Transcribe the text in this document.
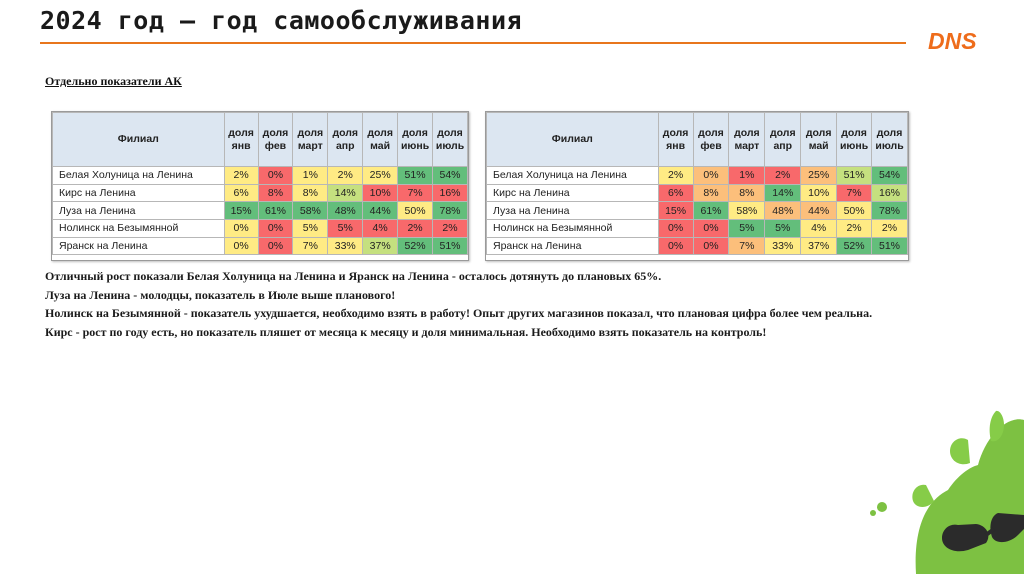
2024 год – год самообслуживания
DNS
Отдельно показатели АК
Филиал	доля янв	доля фев	доля март	доля апр	доля май	доля июнь	доля июль
Белая Холуница на Ленина	2%	0%	1%	2%	25%	51%	54%
Кирс на Ленина	6%	8%	8%	14%	10%	7%	16%
Луза на Ленина	15%	61%	58%	48%	44%	50%	78%
Нолинск на Безымянной	0%	0%	5%	5%	4%	2%	2%
Яранск на Ленина	0%	0%	7%	33%	37%	52%	51%
Филиал	доля янв	доля фев	доля март	доля апр	доля май	доля июнь	доля июль
Белая Холуница на Ленина	2%	0%	1%	2%	25%	51%	54%
Кирс на Ленина	6%	8%	8%	14%	10%	7%	16%
Луза на Ленина	15%	61%	58%	48%	44%	50%	78%
Нолинск на Безымянной	0%	0%	5%	5%	4%	2%	2%
Яранск на Ленина	0%	0%	7%	33%	37%	52%	51%

Отличный рост показали Белая Холуница на Ленина и Яранск на Ленина - осталось дотянуть до плановых 65%.

Луза на Ленина - молодцы, показатель в Июле выше планового!

Нолинск на Безымянной - показатель ухудшается, необходимо взять в работу! Опыт других магазинов показал, что плановая цифра более чем реальна.

Кирс - рост по году есть, но показатель пляшет от месяца к месяцу и доля минимальная. Необходимо взять показатель на контроль!
